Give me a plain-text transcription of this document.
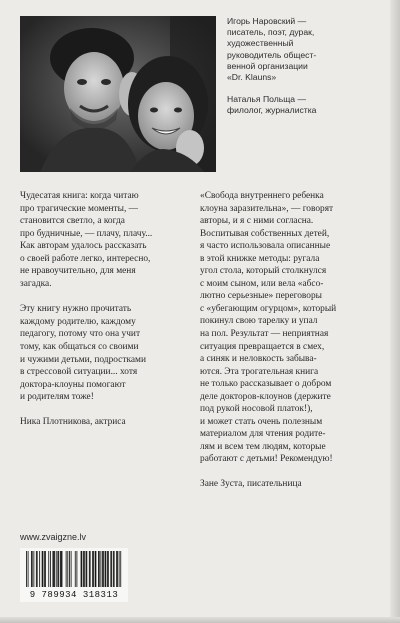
Игорь Наровский —
писатель, поэт, дурак,
художественный
руководитель общест-
венной организации
«Dr. Klauns»

Наталья Польща —
филолог, журналистка

Чудесатая книга: когда читаю
про трагические моменты, —
становится светло, а когда
про будничные, — плачу, плачу...
Как авторам удалось рассказать
о своей работе легко, интересно,
не нравоучительно, для меня
загадка.

Эту книгу нужно прочитать
каждому родителю, каждому
педагогу, потому что она учит
тому, как общаться со своими
и чужими детьми, подростками
в стрессовой ситуации... хотя
доктора-клоуны помогают
и родителям тоже!

Ника Плотникова, актриса

«Свобода внутреннего ребенка
клоуна заразительна», — говорят
авторы, и я с ними согласна.
Воспитывая собственных детей,
я часто использовала описанные
в этой книжке методы: ругала
угол стола, который столкнулся
с моим сыном, или вела «абсо-
лютно серьезные» переговоры
с «убегающим огурцом», который
покинул свою тарелку и упал
на пол. Результат — неприятная
ситуация превращается в смех,
а синяк и неловкость забыва-
ются. Эта трогательная книга
не только рассказывает о добром
деле докторов-клоунов (держите
под рукой носовой платок!),
и может стать очень полезным
материалом для чтения родите-
лям и всем тем людям, которые
работают с детьми! Рекомендую!

Зане Зуста, писательница

www.zvaigzne.lv
9 789934 318313
